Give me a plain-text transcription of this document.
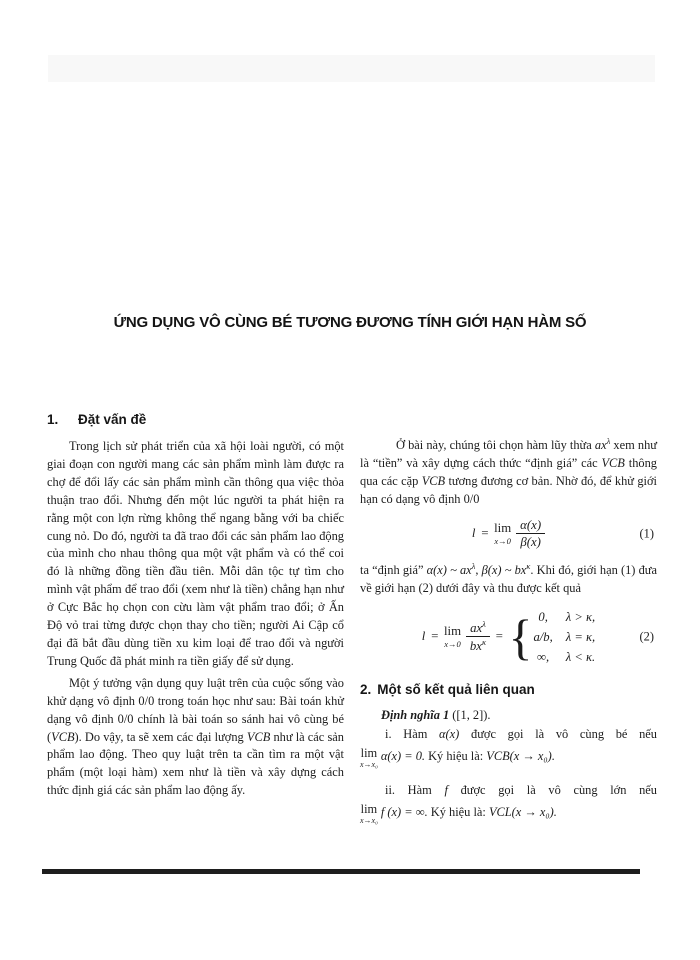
ỨNG DỤNG VÔ CÙNG BÉ TƯƠNG ĐƯƠNG TÍNH GIỚI HẠN HÀM SỐ
1. Đặt vấn đề

Trong lịch sử phát triển của xã hội loài người, có một giai đoạn con người mang các sản phẩm mình làm được ra chợ để đổi lấy các sản phẩm mình cần thông qua việc thỏa thuận trao đổi. Nhưng đến một lúc người ta phát hiện ra rằng một con lợn rừng không thể ngang bằng với ba chiếc cung nỏ. Do đó, người ta đã trao đổi các sản phẩm lao động của mình cho nhau thông qua một vật phẩm và có thể coi đó là những đồng tiền đầu tiên. Mỗi dân tộc tự tìm cho mình vật phẩm để trao đổi (xem như là tiền) chẳng hạn như ở Cực Bắc họ chọn con cừu làm vật phẩm trao đổi; ở Ấn Độ vỏ trai từng được chọn thay cho tiền; người Ai Cập cổ đại đã bắt đầu dùng tiền xu kim loại để trao đổi và người Trung Quốc đã phát minh ra tiền giấy để sử dụng.

Một ý tưởng vận dụng quy luật trên của cuộc sống vào khử dạng vô định 0/0 trong toán học như sau: Bài toán khử dạng vô định 0/0 chính là bài toán so sánh hai vô cùng bé (VCB). Do vậy, ta sẽ xem các đại lượng VCB như là các sản phẩm lao động. Theo quy luật trên ta cần tìm ra một vật phẩm (một loại hàm) xem như là tiền và xây dựng cách thức định giá các sản phẩm lao động ấy.

Ở bài này, chúng tôi chọn hàm lũy thừa $ax^\lambda$ xem như là “tiền” và xây dựng cách thức “định giá” các VCB thông qua các cặp VCB tương đương cơ bản. Nhờ đó, để khử giới hạn có dạng vô định 0/0

l = lim
$x\to 0 \frac{\alpha(x)}{\beta(x)}$	(1)

ta “định giá” α(x) ~ $ax^\lambda$, β(x) ~ $bx^\kappa$. Khi đó, giới hạn (1) đưa về giới hạn (2) dưới đây và thu được kết quả

l = lim
$x\to 0 \frac{ax^\lambda}{bx^\kappa}$ = { 0,	λ > κ,
a/b, λ = κ,
∞, λ < κ.
(2)
2. Một số kết quả liên quan

Định nghĩa 1 ([1, 2]).

i. Hàm α(x) được gọi là vô cùng bé nếu
lim
x→x₀
α(x) = 0. Ký hiệu là: VCB(x → x₀).
ii. Hàm f được gọi là vô cùng lớn nếu
lim
x→x₀
f (x) = ∞. Ký hiệu là: VCL(x → x₀).
